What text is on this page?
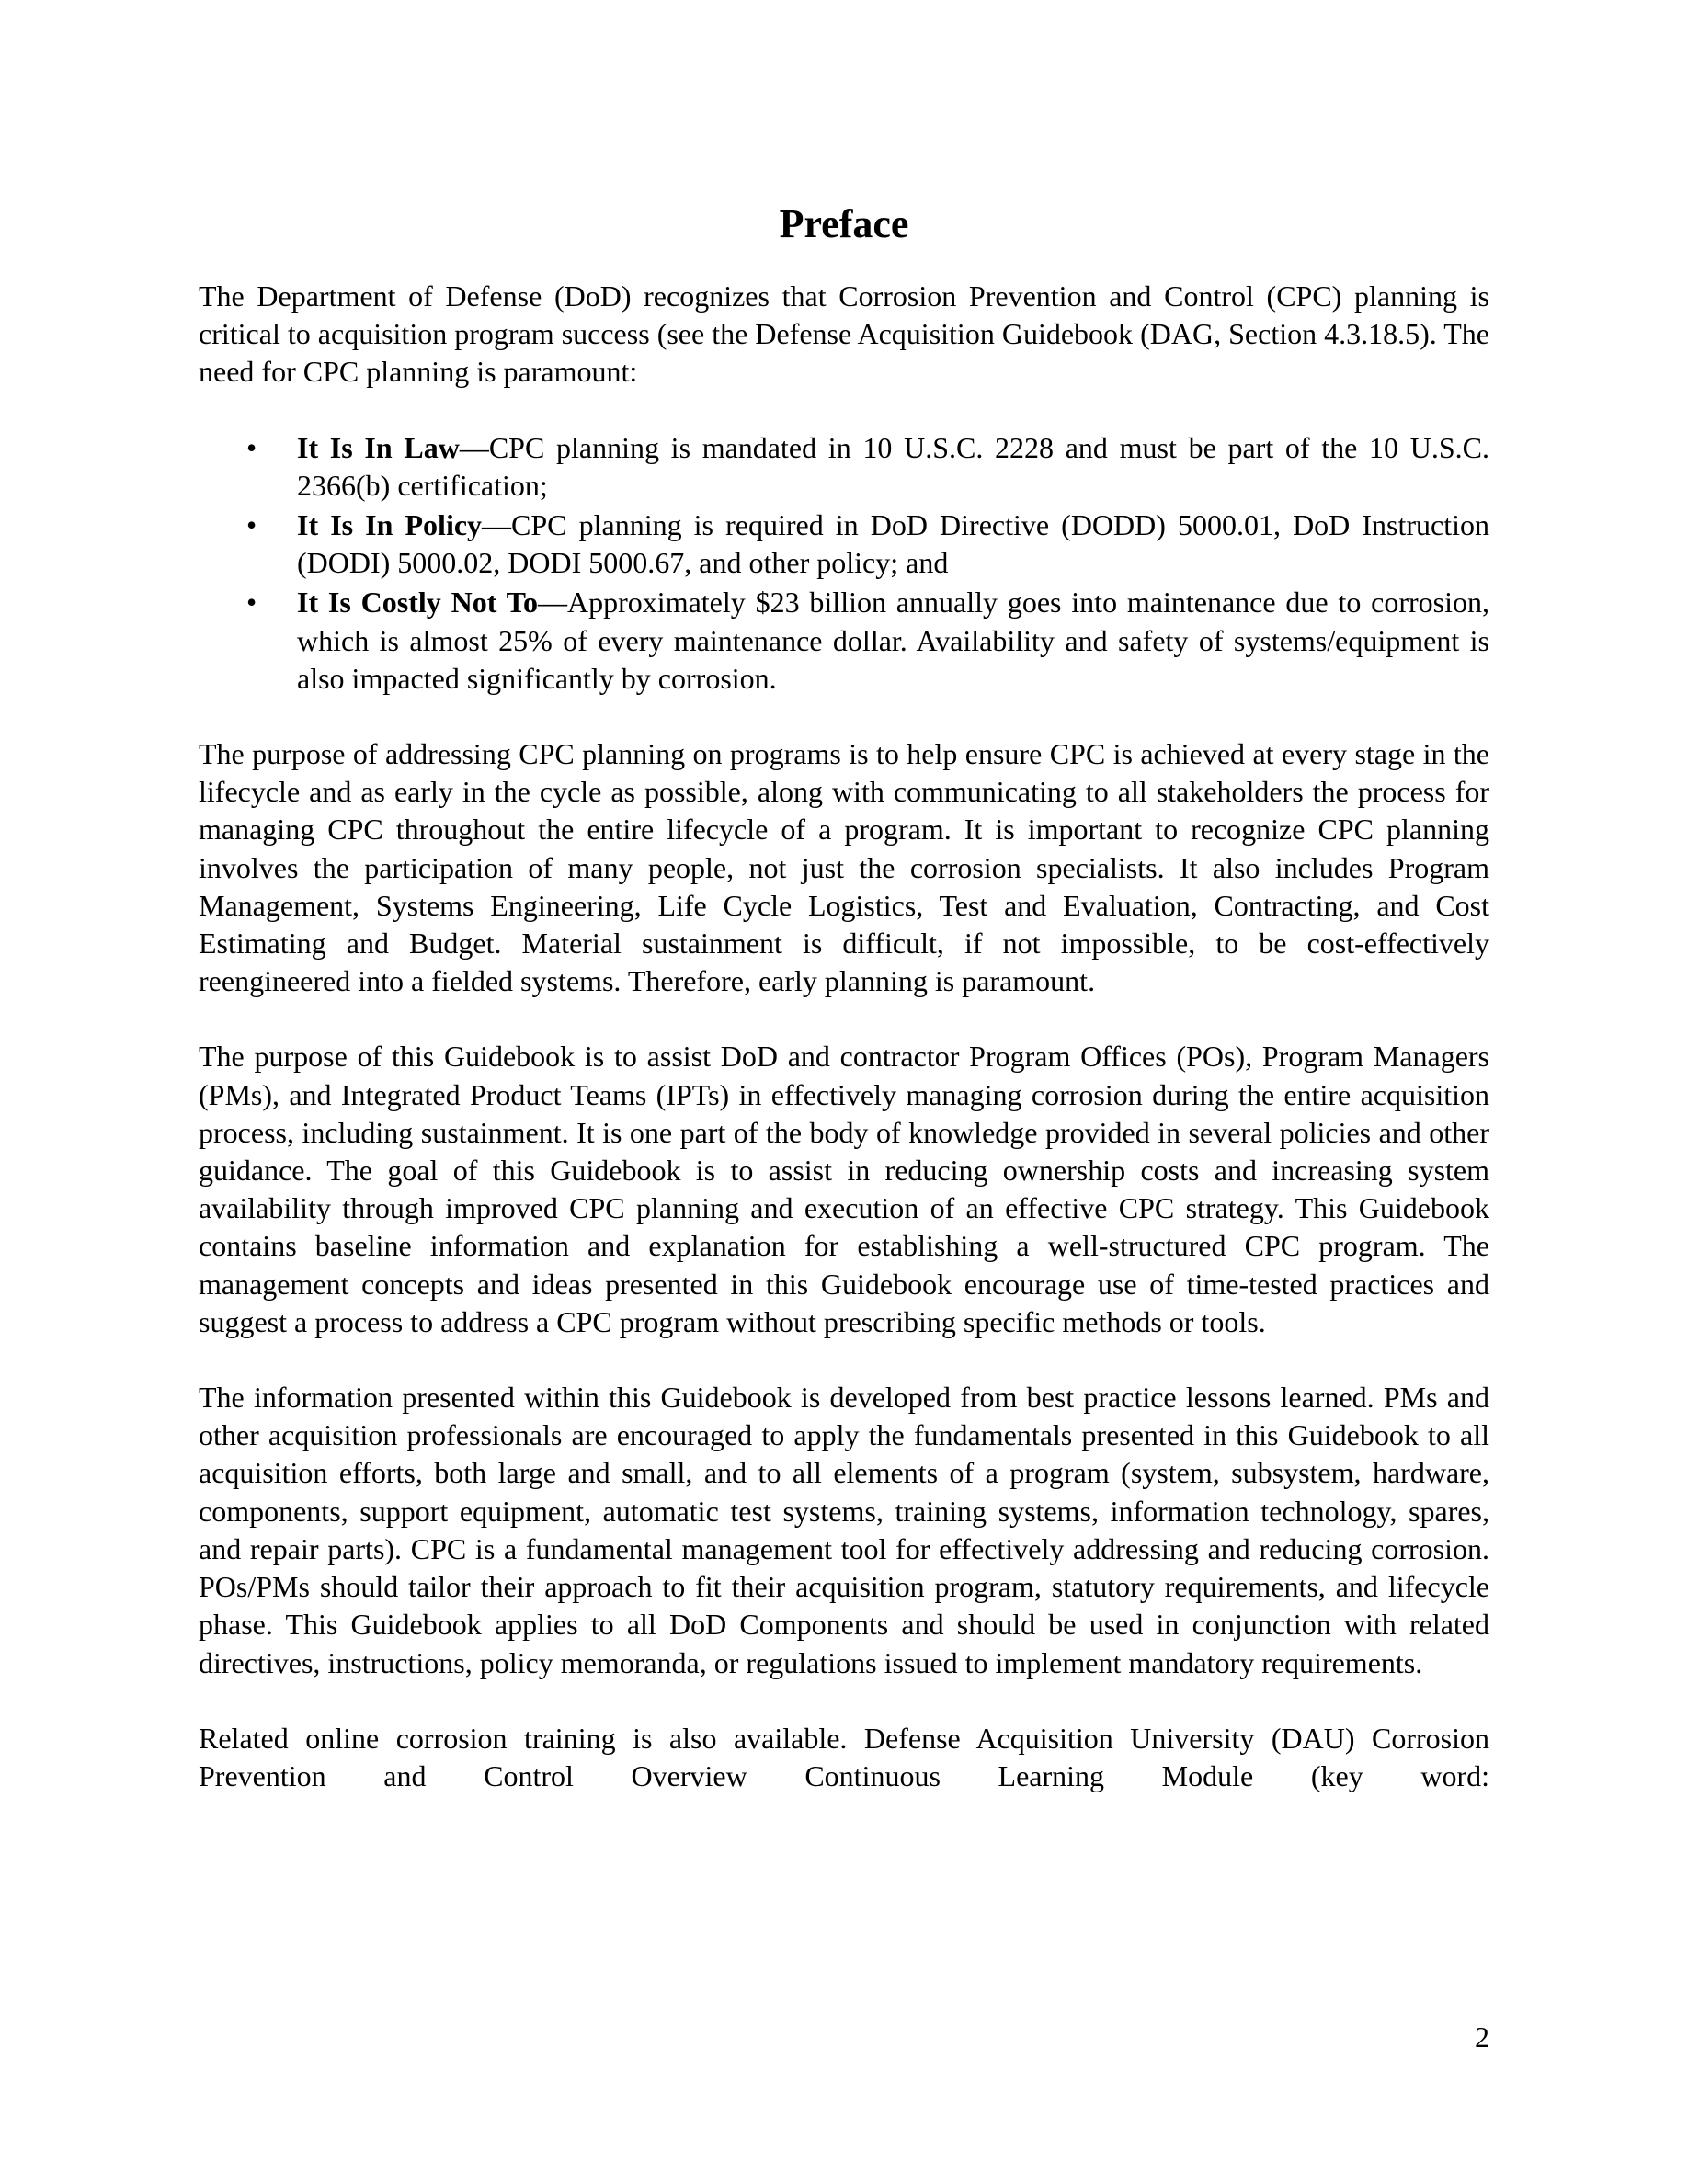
Preface

The Department of Defense (DoD) recognizes that Corrosion Prevention and Control (CPC) planning is critical to acquisition program success (see the Defense Acquisition Guidebook (DAG, Section 4.3.18.5). The need for CPC planning is paramount:

• It Is In Law—CPC planning is mandated in 10 U.S.C. 2228 and must be part of the 10 U.S.C. 2366(b) certification;
• It Is In Policy—CPC planning is required in DoD Directive (DODD) 5000.01, DoD Instruction (DODI) 5000.02, DODI 5000.67, and other policy; and
• It Is Costly Not To—Approximately $23 billion annually goes into maintenance due to corrosion, which is almost 25% of every maintenance dollar. Availability and safety of systems/equipment is also impacted significantly by corrosion.

The purpose of addressing CPC planning on programs is to help ensure CPC is achieved at every stage in the lifecycle and as early in the cycle as possible, along with communicating to all stakeholders the process for managing CPC throughout the entire lifecycle of a program. It is important to recognize CPC planning involves the participation of many people, not just the corrosion specialists. It also includes Program Management, Systems Engineering, Life Cycle Logistics, Test and Evaluation, Contracting, and Cost Estimating and Budget. Material sustainment is difficult, if not impossible, to be cost-effectively reengineered into a fielded systems. Therefore, early planning is paramount.

The purpose of this Guidebook is to assist DoD and contractor Program Offices (POs), Program Managers (PMs), and Integrated Product Teams (IPTs) in effectively managing corrosion during the entire acquisition process, including sustainment. It is one part of the body of knowledge provided in several policies and other guidance. The goal of this Guidebook is to assist in reducing ownership costs and increasing system availability through improved CPC planning and execution of an effective CPC strategy. This Guidebook contains baseline information and explanation for establishing a well-structured CPC program. The management concepts and ideas presented in this Guidebook encourage use of time-tested practices and suggest a process to address a CPC program without prescribing specific methods or tools.

The information presented within this Guidebook is developed from best practice lessons learned. PMs and other acquisition professionals are encouraged to apply the fundamentals presented in this Guidebook to all acquisition efforts, both large and small, and to all elements of a program (system, subsystem, hardware, components, support equipment, automatic test systems, training systems, information technology, spares, and repair parts). CPC is a fundamental management tool for effectively addressing and reducing corrosion. POs/PMs should tailor their approach to fit their acquisition program, statutory requirements, and lifecycle phase. This Guidebook applies to all DoD Components and should be used in conjunction with related directives, instructions, policy memoranda, or regulations issued to implement mandatory requirements.

Related online corrosion training is also available. Defense Acquisition University (DAU) Corrosion Prevention and Control Overview Continuous Learning Module (key word:

2
